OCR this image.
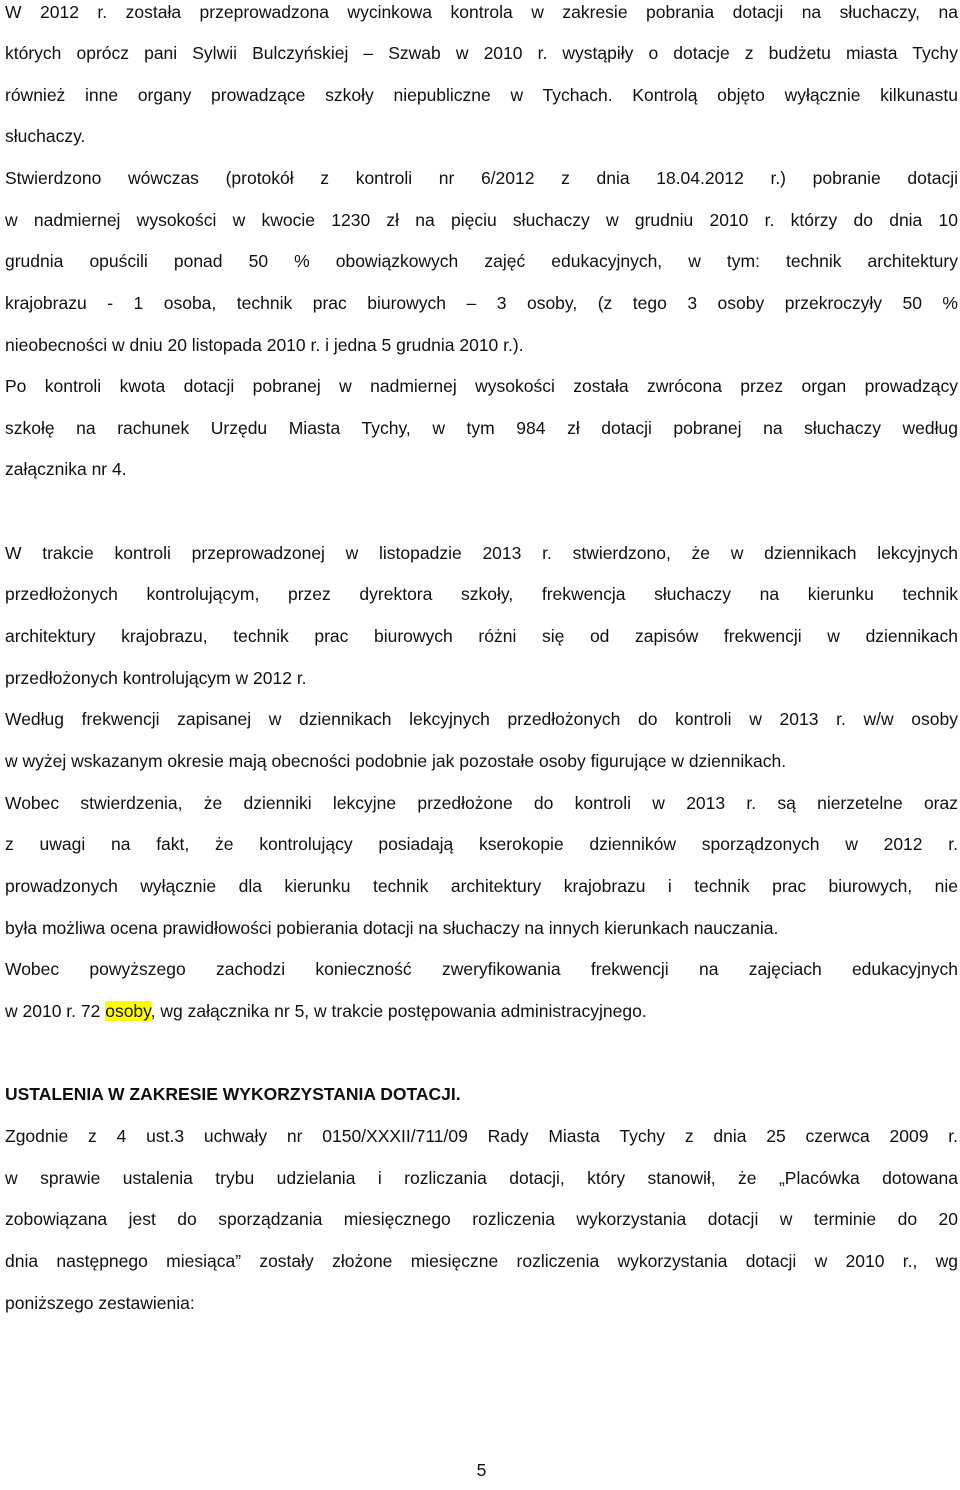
W 2012 r. została przeprowadzona wycinkowa kontrola w zakresie pobrania dotacji na słuchaczy, na
których oprócz pani Sylwii Bulczyńskiej – Szwab w 2010 r. wystąpiły o dotacje z budżetu miasta Tychy
również inne organy prowadzące szkoły niepubliczne w Tychach. Kontrolą objęto wyłącznie kilkunastu
słuchaczy.
Stwierdzono wówczas (protokół z kontroli nr 6/2012 z dnia 18.04.2012 r.) pobranie dotacji
w nadmiernej wysokości w kwocie 1230 zł na pięciu słuchaczy w grudniu 2010 r. którzy do dnia 10
grudnia opuścili ponad 50 % obowiązkowych zajęć edukacyjnych, w tym: technik architektury
krajobrazu - 1 osoba, technik prac biurowych – 3 osoby, (z tego 3 osoby przekroczyły 50 %
nieobecności w dniu 20 listopada 2010 r. i jedna 5 grudnia 2010 r.).
Po kontroli kwota dotacji pobranej w nadmiernej wysokości została zwrócona przez organ prowadzący
szkołę na rachunek Urzędu Miasta Tychy, w tym 984 zł dotacji pobranej na słuchaczy według
załącznika nr 4.
W trakcie kontroli przeprowadzonej w listopadzie 2013 r. stwierdzono, że w dziennikach lekcyjnych
przedłożonych kontrolującym, przez dyrektora szkoły, frekwencja słuchaczy na kierunku technik
architektury krajobrazu, technik prac biurowych różni się od zapisów frekwencji w dziennikach
przedłożonych kontrolującym w 2012 r.
Według frekwencji zapisanej w dziennikach lekcyjnych przedłożonych do kontroli w 2013 r. w/w osoby
w wyżej wskazanym okresie mają obecności podobnie jak pozostałe osoby figurujące w dziennikach.
Wobec stwierdzenia, że dzienniki lekcyjne przedłożone do kontroli w 2013 r. są nierzetelne oraz
z uwagi na fakt, że kontrolujący posiadają kserokopie dzienników sporządzonych w 2012 r.
prowadzonych wyłącznie dla kierunku technik architektury krajobrazu i technik prac biurowych, nie
była możliwa ocena prawidłowości pobierania dotacji na słuchaczy na innych kierunkach nauczania.
Wobec powyższego zachodzi konieczność zweryfikowania frekwencji na zajęciach edukacyjnych
w 2010 r. 72 osoby, wg załącznika nr 5, w trakcie postępowania administracyjnego.
USTALENIA W ZAKRESIE WYKORZYSTANIA DOTACJI.
Zgodnie z 4 ust.3 uchwały nr 0150/XXXII/711/09 Rady Miasta Tychy z dnia 25 czerwca 2009 r.
w sprawie ustalenia trybu udzielania i rozliczania dotacji, który stanowił, że „Placówka dotowana
zobowiązana jest do sporządzania miesięcznego rozliczenia wykorzystania dotacji w terminie do 20
dnia następnego miesiąca” zostały złożone miesięczne rozliczenia wykorzystania dotacji w 2010 r., wg
poniższego zestawienia:
5
